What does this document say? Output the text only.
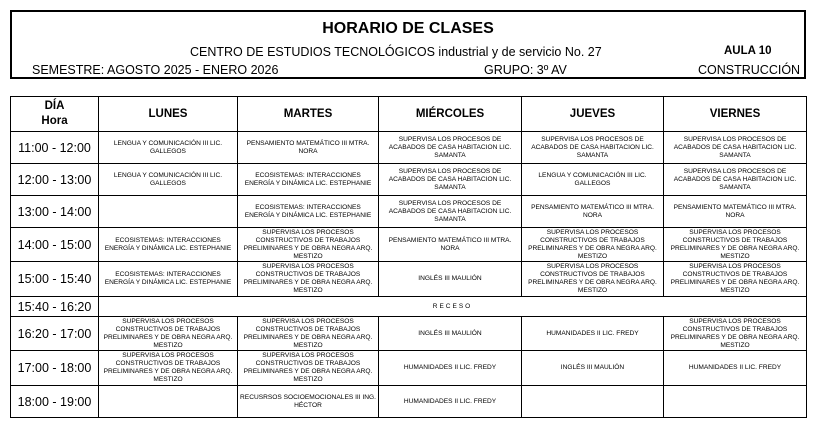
HORARIO DE CLASES
CENTRO DE ESTUDIOS TECNOLÓGICOS industrial y de servicio No. 27	AULA 10
SEMESTRE: AGOSTO 2025 - ENERO 2026	GRUPO: 3º AV	CONSTRUCCIÓN
DÍA
Hora	LUNES	MARTES	MIÉRCOLES	JUEVES	VIERNES
11:00 - 12:00	LENGUA Y COMUNICACIÓN III LIC. GALLEGOS	PENSAMIENTO MATEMÁTICO III MTRA. NORA	SUPERVISA LOS PROCESOS DE ACABADOS DE CASA HABITACION LIC. SAMANTA	SUPERVISA LOS PROCESOS DE ACABADOS DE CASA HABITACION LIC. SAMANTA	SUPERVISA LOS PROCESOS DE ACABADOS DE CASA HABITACION LIC. SAMANTA
12:00 - 13:00	LENGUA Y COMUNICACIÓN III LIC. GALLEGOS	ECOSISTEMAS: INTERACCIONES ENERGÍA Y DINÁMICA LIC. ESTEPHANIE	SUPERVISA LOS PROCESOS DE ACABADOS DE CASA HABITACION LIC. SAMANTA	LENGUA Y COMUNICACIÓN III LIC. GALLEGOS	SUPERVISA LOS PROCESOS DE ACABADOS DE CASA HABITACION LIC. SAMANTA
13:00 - 14:00		ECOSISTEMAS: INTERACCIONES ENERGÍA Y DINÁMICA LIC. ESTEPHANIE	SUPERVISA LOS PROCESOS DE ACABADOS DE CASA HABITACION LIC. SAMANTA	PENSAMIENTO MATEMÁTICO III MTRA. NORA	PENSAMIENTO MATEMÁTICO III MTRA. NORA
14:00 - 15:00	ECOSISTEMAS: INTERACCIONES ENERGÍA Y DINÁMICA LIC. ESTEPHANIE	SUPERVISA LOS PROCESOS CONSTRUCTIVOS DE TRABAJOS PRELIMINARES Y DE OBRA NEGRA ARQ. MESTIZO	PENSAMIENTO MATEMÁTICO III MTRA. NORA	SUPERVISA LOS PROCESOS CONSTRUCTIVOS DE TRABAJOS PRELIMINARES Y DE OBRA NEGRA ARQ. MESTIZO	SUPERVISA LOS PROCESOS CONSTRUCTIVOS DE TRABAJOS PRELIMINARES Y DE OBRA NEGRA ARQ. MESTIZO
15:00 - 15:40	ECOSISTEMAS: INTERACCIONES ENERGÍA Y DINÁMICA LIC. ESTEPHANIE	SUPERVISA LOS PROCESOS CONSTRUCTIVOS DE TRABAJOS PRELIMINARES Y DE OBRA NEGRA ARQ. MESTIZO	INGLÉS III MAULIÓN	SUPERVISA LOS PROCESOS CONSTRUCTIVOS DE TRABAJOS PRELIMINARES Y DE OBRA NEGRA ARQ. MESTIZO	SUPERVISA LOS PROCESOS CONSTRUCTIVOS DE TRABAJOS PRELIMINARES Y DE OBRA NEGRA ARQ. MESTIZO
15:40 - 16:20	RECESO				
16:20 - 17:00	SUPERVISA LOS PROCESOS CONSTRUCTIVOS DE TRABAJOS PRELIMINARES Y DE OBRA NEGRA ARQ. MESTIZO	SUPERVISA LOS PROCESOS CONSTRUCTIVOS DE TRABAJOS PRELIMINARES Y DE OBRA NEGRA ARQ. MESTIZO	INGLÉS III MAULIÓN	HUMANIDADES II LIC. FREDY	SUPERVISA LOS PROCESOS CONSTRUCTIVOS DE TRABAJOS PRELIMINARES Y DE OBRA NEGRA ARQ. MESTIZO
17:00 - 18:00	SUPERVISA LOS PROCESOS CONSTRUCTIVOS DE TRABAJOS PRELIMINARES Y DE OBRA NEGRA ARQ. MESTIZO	SUPERVISA LOS PROCESOS CONSTRUCTIVOS DE TRABAJOS PRELIMINARES Y DE OBRA NEGRA ARQ. MESTIZO	HUMANIDADES II LIC. FREDY	INGLÉS III MAULIÓN	HUMANIDADES II LIC. FREDY
18:00 - 19:00		RECUSRSOS SOCIOEMOCIONALES III ING. HÉCTOR	HUMANIDADES II LIC. FREDY		
